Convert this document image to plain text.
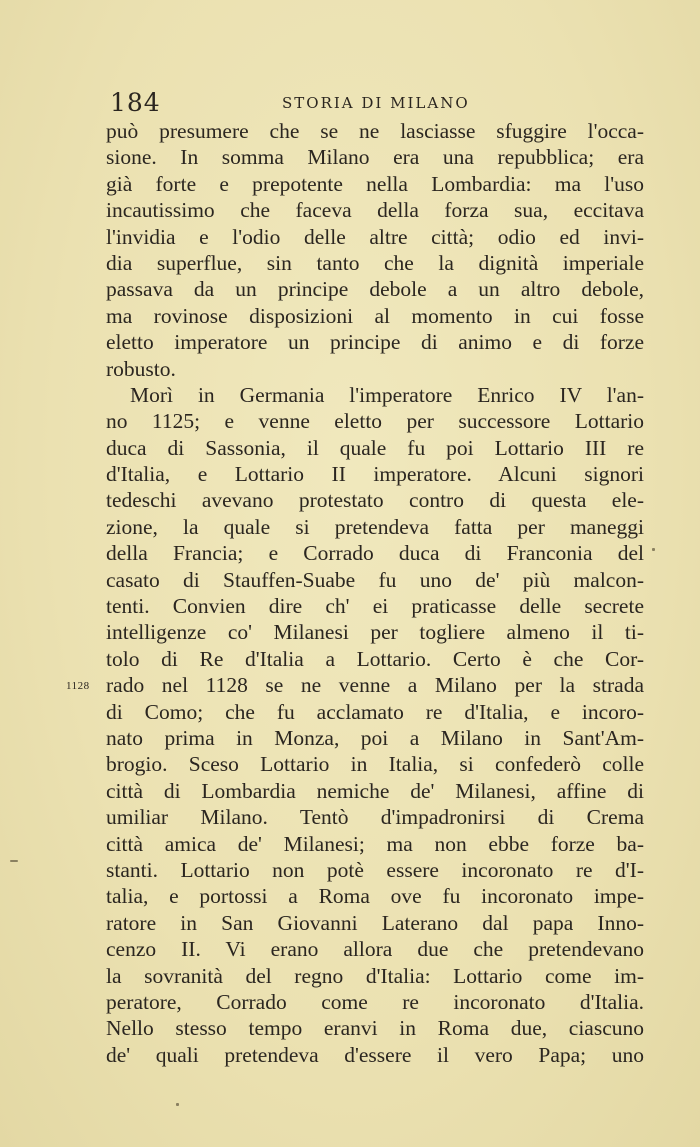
184	STORIA DI MILANO
1128
può presumere che se ne lasciasse sfuggire l'occa-
sione. In somma Milano era una repubblica; era
già forte e prepotente nella Lombardia: ma l'uso
incautissimo che faceva della forza sua, eccitava
l'invidia e l'odio delle altre città; odio ed invi-
dia superflue, sin tanto che la dignità imperiale
passava da un principe debole a un altro debole,
ma rovinose disposizioni al momento in cui fosse
eletto imperatore un principe di animo e di forze
robusto.
Morì in Germania l'imperatore Enrico IV l'an-
no 1125; e venne eletto per successore Lottario
duca di Sassonia, il quale fu poi Lottario III re
d'Italia, e Lottario II imperatore. Alcuni signori
tedeschi avevano protestato contro di questa ele-
zione, la quale si pretendeva fatta per maneggi
della Francia; e Corrado duca di Franconia del
casato di Stauffen-Suabe fu uno de' più malcon-
tenti. Convien dire ch' ei praticasse delle secrete
intelligenze co' Milanesi per togliere almeno il ti-
tolo di Re d'Italia a Lottario. Certo è che Cor-
rado nel 1128 se ne venne a Milano per la strada
di Como; che fu acclamato re d'Italia, e incoro-
nato prima in Monza, poi a Milano in Sant'Am-
brogio. Sceso Lottario in Italia, si confederò colle
città di Lombardia nemiche de' Milanesi, affine di
umiliar Milano. Tentò d'impadronirsi di Crema
città amica de' Milanesi; ma non ebbe forze ba-
stanti. Lottario non potè essere incoronato re d'I-
talia, e portossi a Roma ove fu incoronato impe-
ratore in San Giovanni Laterano dal papa Inno-
cenzo II. Vi erano allora due che pretendevano
la sovranità del regno d'Italia: Lottario come im-
peratore, Corrado come re incoronato d'Italia.
Nello stesso tempo eranvi in Roma due, ciascuno
de' quali pretendeva d'essere il vero Papa; uno
